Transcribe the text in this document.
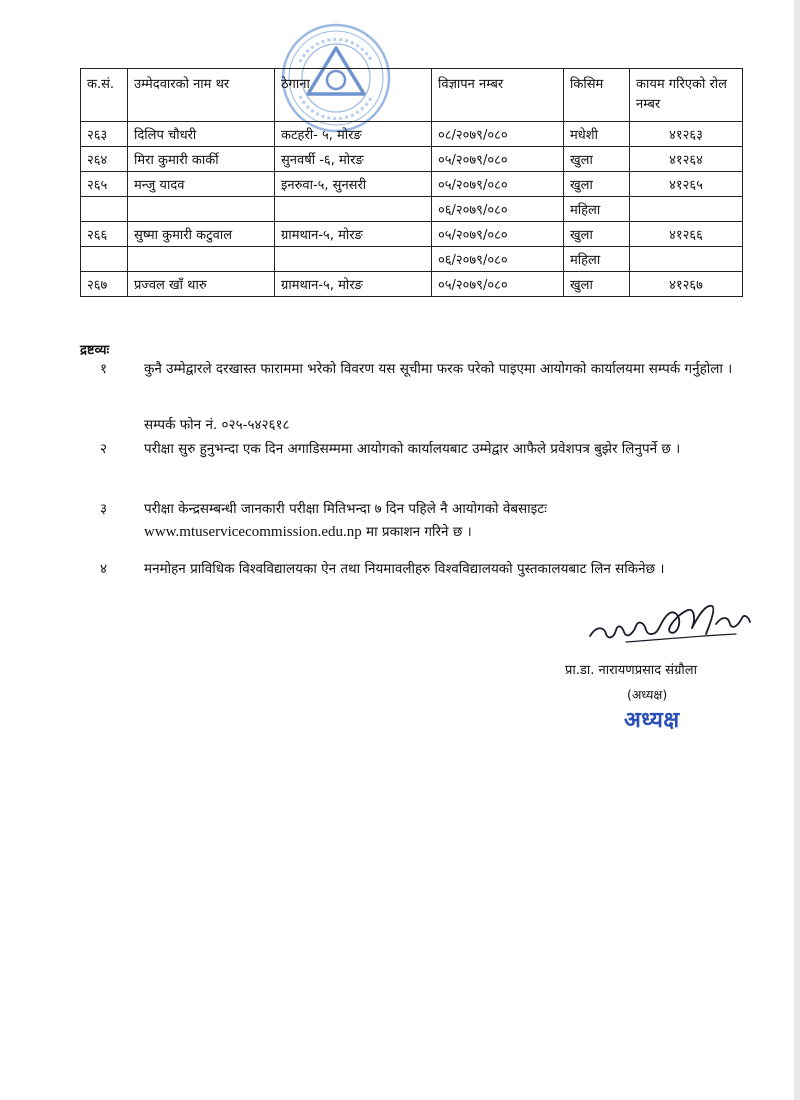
क.सं.	उम्मेदवारको नाम थर	ठेगाना	विज्ञापन नम्बर	किसिम	कायम गरिएको रोल नम्बर
२६३	दिलिप चौधरी	कटहरी- ५, मोरङ	०८/२०७९/०८०	मधेशी	४१२६३
२६४	मिरा कुमारी कार्की	सुनवर्षी -६, मोरङ	०५/२०७९/०८०	खुला	४१२६४
२६५	मन्जु यादव	इनरुवा-५, सुनसरी	०५/२०७९/०८०	खुला	४१२६५
			०६/२०७९/०८०	महिला	
२६६	सुष्मा कुमारी कटुवाल	ग्रामथान-५, मोरङ	०५/२०७९/०८०	खुला	४१२६६
			०६/२०७९/०८०	महिला	
२६७	प्रज्वल खाँ थारु	ग्रामथान-५, मोरङ	०५/२०७९/०८०	खुला	४१२६७
द्रष्टव्यः
१	कुनै उम्मेद्वारले दरखास्त फाराममा भरेको विवरण यस सूचीमा फरक परेको पाइएमा आयोगको कार्यालयमा सम्पर्क गर्नुहोला ।
सम्पर्क फोन नं. ०२५-५४२६१८
२	परीक्षा सुरु हुनुभन्दा एक दिन अगाडिसम्ममा आयोगको कार्यालयबाट उम्मेद्वार आफैले प्रवेशपत्र बुझेर लिनुपर्ने छ ।
३	परीक्षा केन्द्रसम्बन्धी जानकारी परीक्षा मितिभन्दा ७ दिन पहिले नै आयोगको वेबसाइटः
www.mtuservicecommission.edu.np मा प्रकाशन गरिने छ ।
४	मनमोहन प्राविधिक विश्वविद्यालयका ऐन तथा नियमावलीहरु विश्वविद्यालयको पुस्तकालयबाट लिन सकिनेछ ।
प्रा.डा. नारायणप्रसाद संग्रौला
(अध्यक्ष)
अध्यक्ष
